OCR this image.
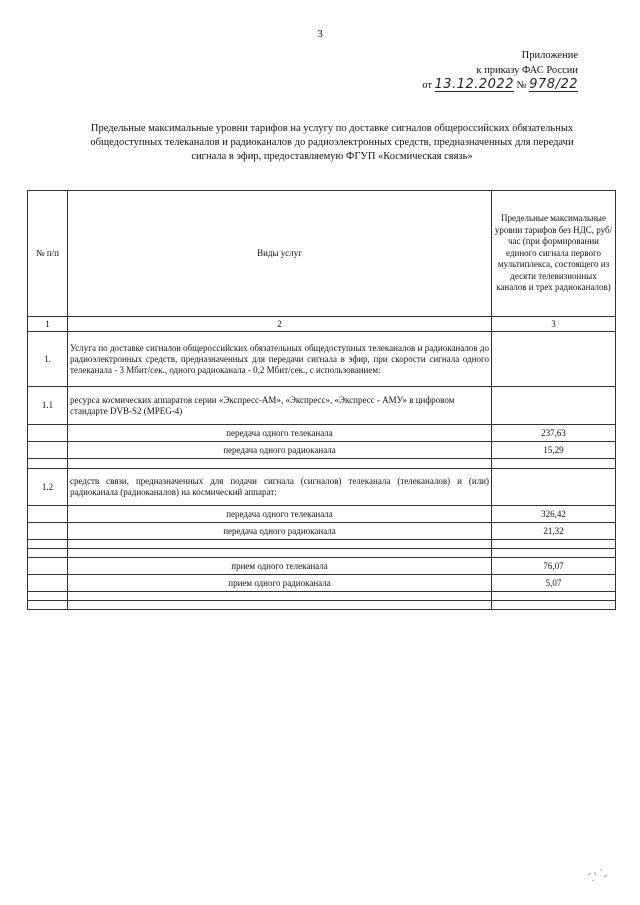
3
Приложение
к приказу ФАС России
от 13.12.2022 № 978/22
Предельные максимальные уровни тарифов на услугу по доставке сигналов общероссийских обязательных общедоступных телеканалов и радиоканалов до радиоэлектронных средств, предназначенных для передачи сигнала в эфир, предоставляемую ФГУП «Космическая связь»
№ п/п	Виды услуг	Предельные максимальные уровни тарифов без НДС, руб/час (при формировании единого сигнала первого мультиплекса, состоящего из десяти телевизионных каналов и трех радиоканалов)
1	2	3
1.	Услуга по доставке сигналов общероссийских обязательных общедоступных телеканалов и радиоканалов до радиоэлектронных средств, предназначенных для передачи сигнала в эфир, при скорости сигнала одного телеканала - 3 Мбит/сек., одного радиоканала - 0,2 Мбит/сек., с использованием:	
1.1	ресурса космических аппаратов серии «Экспресс-АМ», «Экспресс», «Экспресс - АМУ» в цифровом стандарте DVB-S2 (MPEG-4)	
	передача одного телеканала	237,63
	передача одного радиоканала	15,29

1.2	средств связи, предназначенных для подачи сигнала (сигналов) телеканала (телеканалов) и (или) радиоканала (радиоканалов) на космический аппарат:	
	передача одного телеканала	326,42
	передача одного радиоканала	21,32

	прием одного телеканала	76,07
	прием одного радиоканала	5,07
